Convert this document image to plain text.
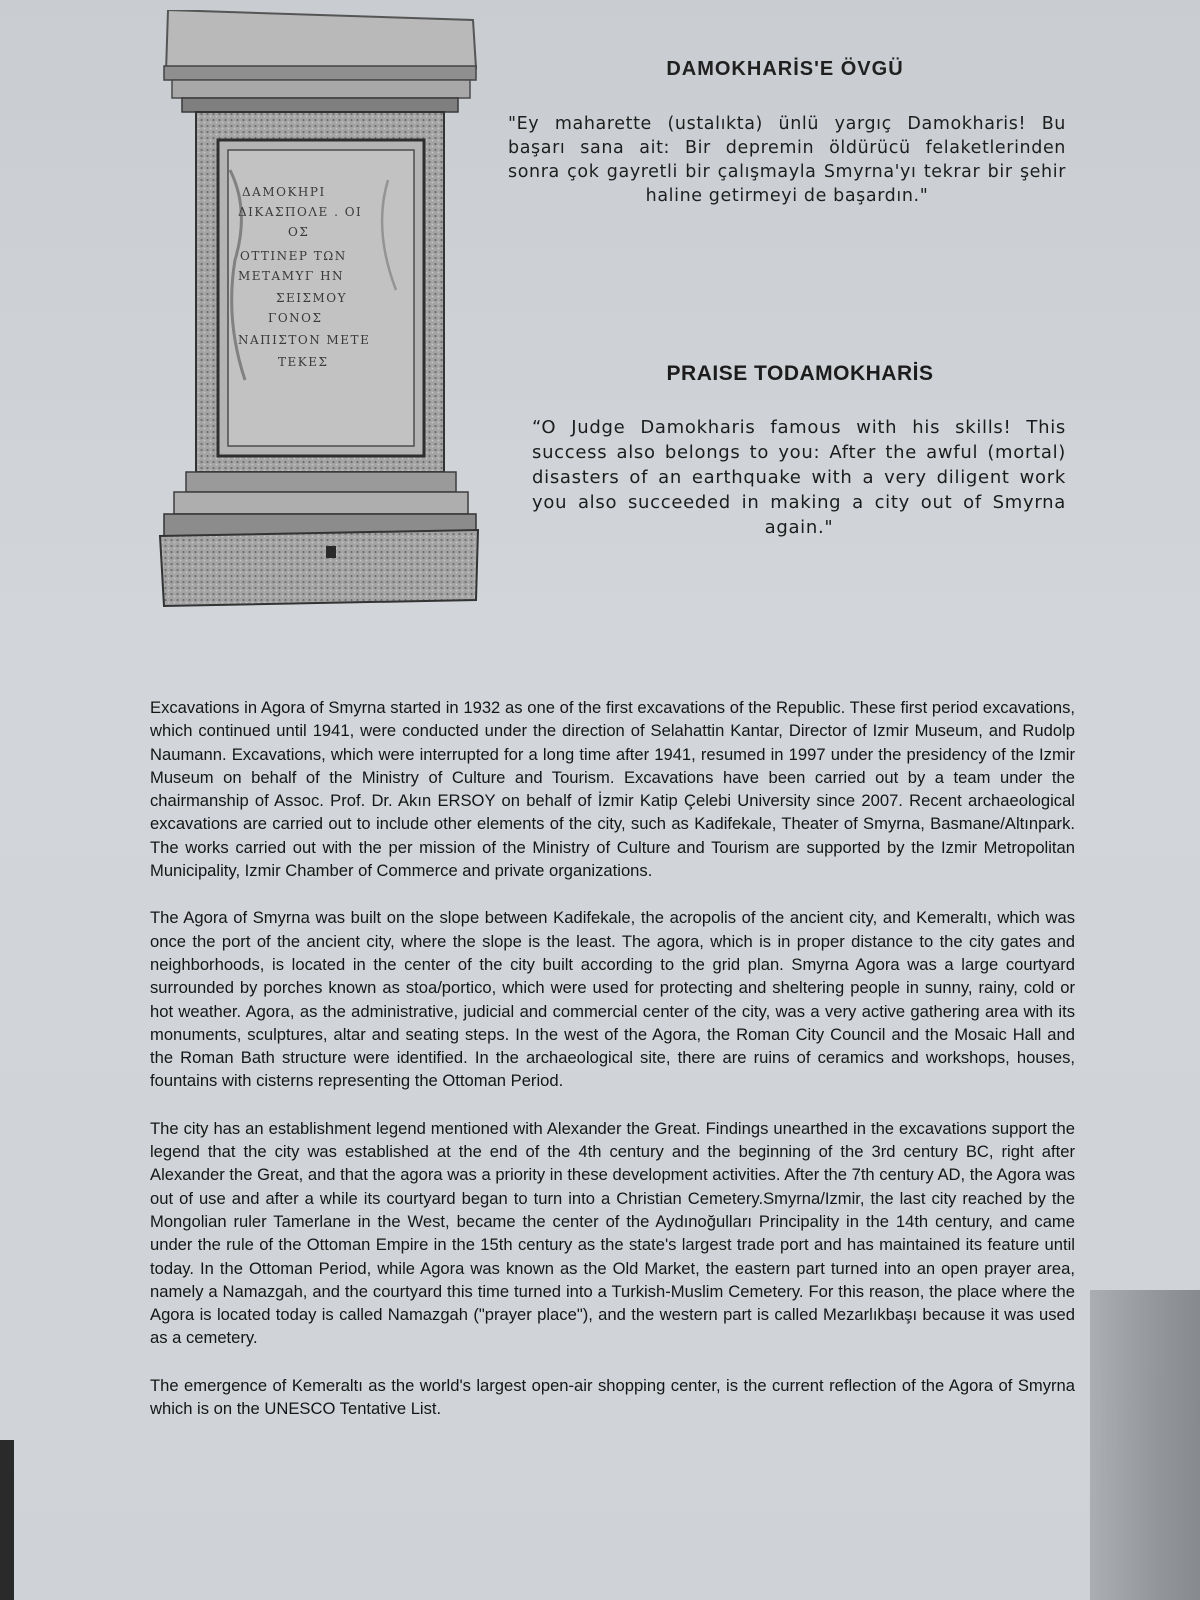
ΔΑΜΟΚΗΡΙ
ΔΙΚΑΣΠΟΛΕ . ΟΙ
ΟΣ
ΟΤΤΙΝΕΡ ΤΩΝ
ΜΕΤΑΜΥΓ ΗΝ
ΣΕΙΣΜΟΥ
ΓΟΝΟΣ
ΝΑΠΙΣΤΟΝ ΜΕΤΕ
ΤΕΚΕΣ
DAMOKHARİS'E ÖVGÜ
"Ey maharette (ustalıkta) ünlü yargıç Damokharis! Bu başarı sana ait: Bir depremin öldürücü felaketlerinden sonra çok gayretli bir çalışmayla Smyrna'yı tekrar bir şehir haline getirmeyi de başardın."
PRAISE TODAMOKHARİS
“O Judge Damokharis famous with his skills! This success also belongs to you: After the awful (mortal) disasters of an earthquake with a very diligent work you also succeeded in making a city out of Smyrna again."

Excavations in Agora of Smyrna started in 1932 as one of the first excavations of the Republic. These first period excavations, which continued until 1941, were conducted under the direction of Selahattin Kantar, Director of Izmir Museum, and Rudolp Naumann. Excavations, which were interrupted for a long time after 1941, resumed in 1997 under the presidency of the Izmir Museum on behalf of the Ministry of Culture and Tourism. Excavations have been carried out by a team under the chairmanship of Assoc. Prof. Dr. Akın ERSOY on behalf of İzmir Katip Çelebi University since 2007. Recent archaeological excavations are carried out to include other elements of the city, such as Kadifekale, Theater of Smyrna, Basmane/Altınpark. The works carried out with the per mission of the Ministry of Culture and Tourism are supported by the Izmir Metropolitan Municipality, Izmir Chamber of Commerce and private organizations.

The Agora of Smyrna was built on the slope between Kadifekale, the acropolis of the ancient city, and Kemeraltı, which was once the port of the ancient city, where the slope is the least. The agora, which is in proper distance to the city gates and neighborhoods, is located in the center of the city built according to the grid plan. Smyrna Agora was a large courtyard surrounded by porches known as stoa/portico, which were used for protecting and sheltering people in sunny, rainy, cold or hot weather. Agora, as the administrative, judicial and commercial center of the city, was a very active gathering area with its monuments, sculptures, altar and seating steps. In the west of the Agora, the Roman City Council and the Mosaic Hall and the Roman Bath structure were identified. In the archaeological site, there are ruins of ceramics and workshops, houses, fountains with cisterns representing the Ottoman Period.

The city has an establishment legend mentioned with Alexander the Great. Findings unearthed in the excavations support the legend that the city was established at the end of the 4th century and the beginning of the 3rd century BC, right after Alexander the Great, and that the agora was a priority in these development activities. After the 7th century AD, the Agora was out of use and after a while its courtyard began to turn into a Christian Cemetery.Smyrna/Izmir, the last city reached by the Mongolian ruler Tamerlane in the West, became the center of the Aydınoğulları Principality in the 14th century, and came under the rule of the Ottoman Empire in the 15th century as the state's largest trade port and has maintained its feature until today. In the Ottoman Period, while Agora was known as the Old Market, the eastern part turned into an open prayer area, namely a Namazgah, and the courtyard this time turned into a Turkish-Muslim Cemetery. For this reason, the place where the Agora is located today is called Namazgah ("prayer place"), and the western part is called Mezarlıkbaşı because it was used as a cemetery.

The emergence of Kemeraltı as the world's largest open-air shopping center, is the current reflection of the Agora of Smyrna which is on the UNESCO Tentative List.
